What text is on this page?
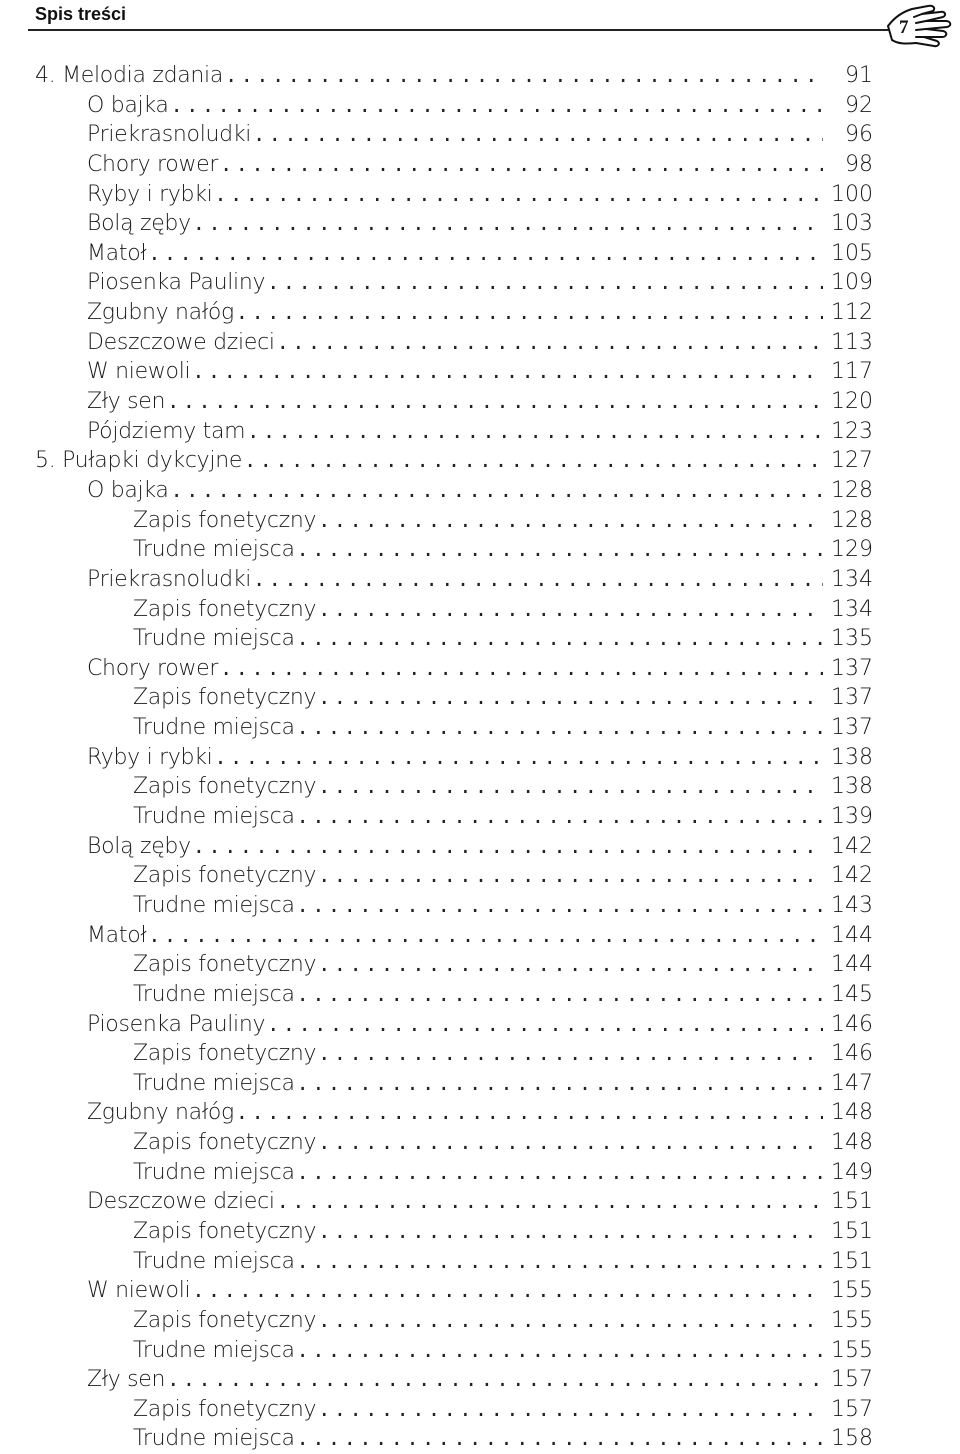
Spis treści
7
4. Melodia zdania . . .	91
O bajka . . .	92
Priekrasnoludki . . .	96
Chory rower . . .	98
Ryby i rybki . . .	100
Bolą zęby . . .	103
Matoł . . .	105
Piosenka Pauliny . . .	109
Zgubny nałóg . . .	112
Deszczowe dzieci . . .	113
W niewoli . . .	117
Zły sen . . .	120
Pójdziemy tam . . .	123
5. Pułapki dykcyjne . . .	127
O bajka . . .	128
Zapis fonetyczny . . .	128
Trudne miejsca . . .	129
Priekrasnoludki . . .	134
Zapis fonetyczny . . .	134
Trudne miejsca . . .	135
Chory rower . . .	137
Zapis fonetyczny . . .	137
Trudne miejsca . . .	137
Ryby i rybki . . .	138
Zapis fonetyczny . . .	138
Trudne miejsca . . .	139
Bolą zęby . . .	142
Zapis fonetyczny . . .	142
Trudne miejsca . . .	143
Matoł . . .	144
Zapis fonetyczny . . .	144
Trudne miejsca . . .	145
Piosenka Pauliny . . .	146
Zapis fonetyczny . . .	146
Trudne miejsca . . .	147
Zgubny nałóg . . .	148
Zapis fonetyczny . . .	148
Trudne miejsca . . .	149
Deszczowe dzieci . . .	151
Zapis fonetyczny . . .	151
Trudne miejsca . . .	151
W niewoli . . .	155
Zapis fonetyczny . . .	155
Trudne miejsca . . .	155
Zły sen . . .	157
Zapis fonetyczny . . .	157
Trudne miejsca . . .	158
